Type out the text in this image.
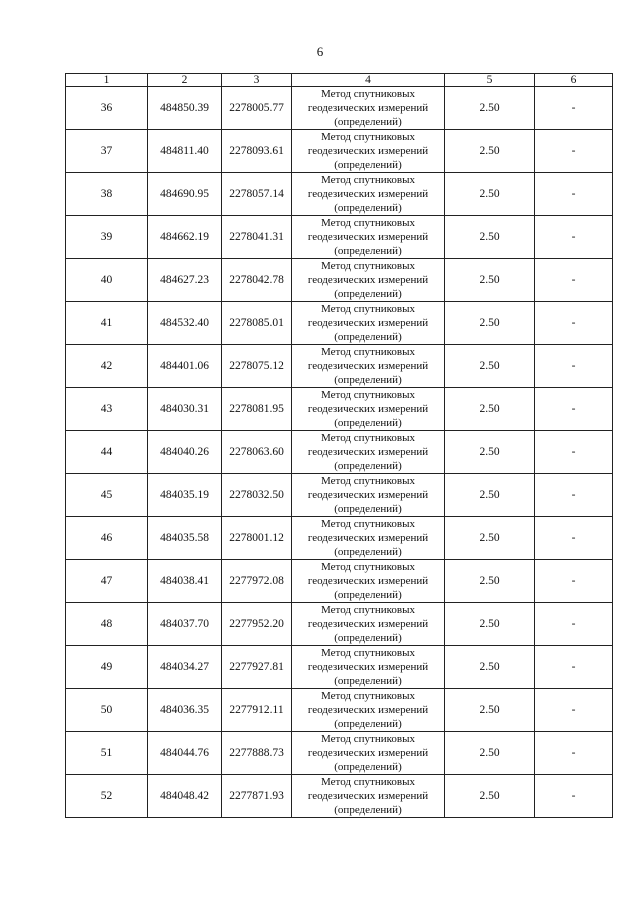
6
1	2	3	4	5	6
36	484850.39	2278005.77	Метод спутниковых
геодезических измерений
(определений)	2.50	-
37	484811.40	2278093.61	Метод спутниковых
геодезических измерений
(определений)	2.50	-
38	484690.95	2278057.14	Метод спутниковых
геодезических измерений
(определений)	2.50	-
39	484662.19	2278041.31	Метод спутниковых
геодезических измерений
(определений)	2.50	-
40	484627.23	2278042.78	Метод спутниковых
геодезических измерений
(определений)	2.50	-
41	484532.40	2278085.01	Метод спутниковых
геодезических измерений
(определений)	2.50	-
42	484401.06	2278075.12	Метод спутниковых
геодезических измерений
(определений)	2.50	-
43	484030.31	2278081.95	Метод спутниковых
геодезических измерений
(определений)	2.50	-
44	484040.26	2278063.60	Метод спутниковых
геодезических измерений
(определений)	2.50	-
45	484035.19	2278032.50	Метод спутниковых
геодезических измерений
(определений)	2.50	-
46	484035.58	2278001.12	Метод спутниковых
геодезических измерений
(определений)	2.50	-
47	484038.41	2277972.08	Метод спутниковых
геодезических измерений
(определений)	2.50	-
48	484037.70	2277952.20	Метод спутниковых
геодезических измерений
(определений)	2.50	-
49	484034.27	2277927.81	Метод спутниковых
геодезических измерений
(определений)	2.50	-
50	484036.35	2277912.11	Метод спутниковых
геодезических измерений
(определений)	2.50	-
51	484044.76	2277888.73	Метод спутниковых
геодезических измерений
(определений)	2.50	-
52	484048.42	2277871.93	Метод спутниковых
геодезических измерений
(определений)	2.50	-
